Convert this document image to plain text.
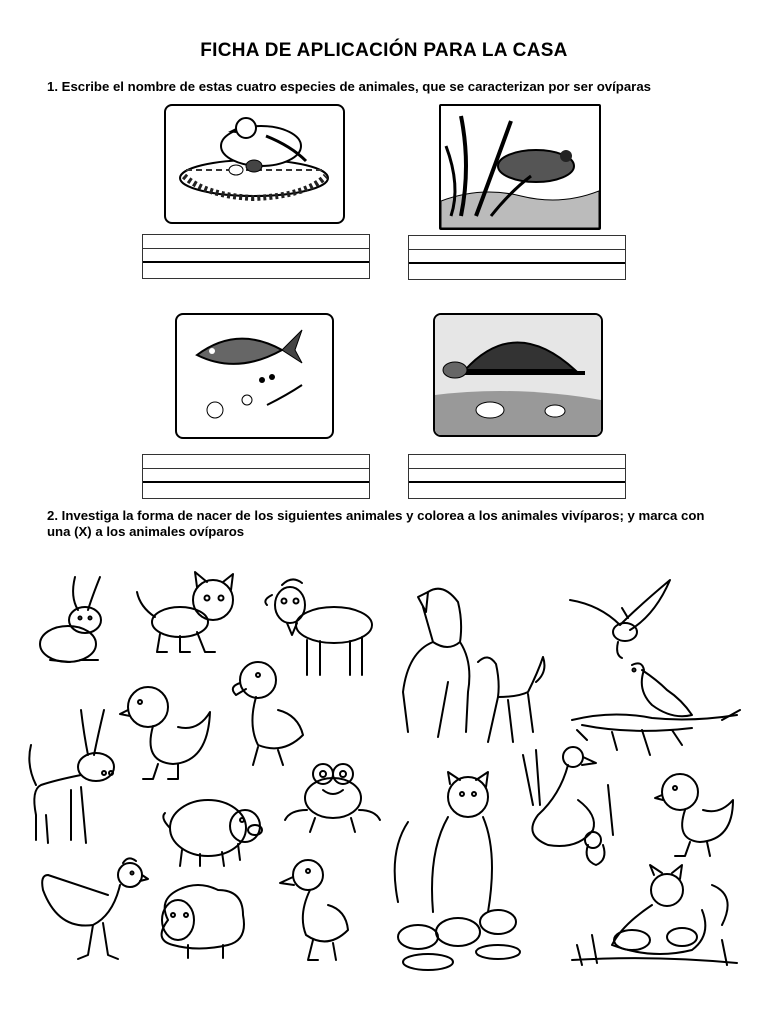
FICHA DE APLICACIÓN PARA LA CASA
1. Escribe el nombre de estas cuatro especies de animales, que se caracterizan por ser ovíparas
2. Investiga la forma de nacer de los siguientes animales y colorea a los animales vivíparos; y marca con una (X) a los animales ovíparos
